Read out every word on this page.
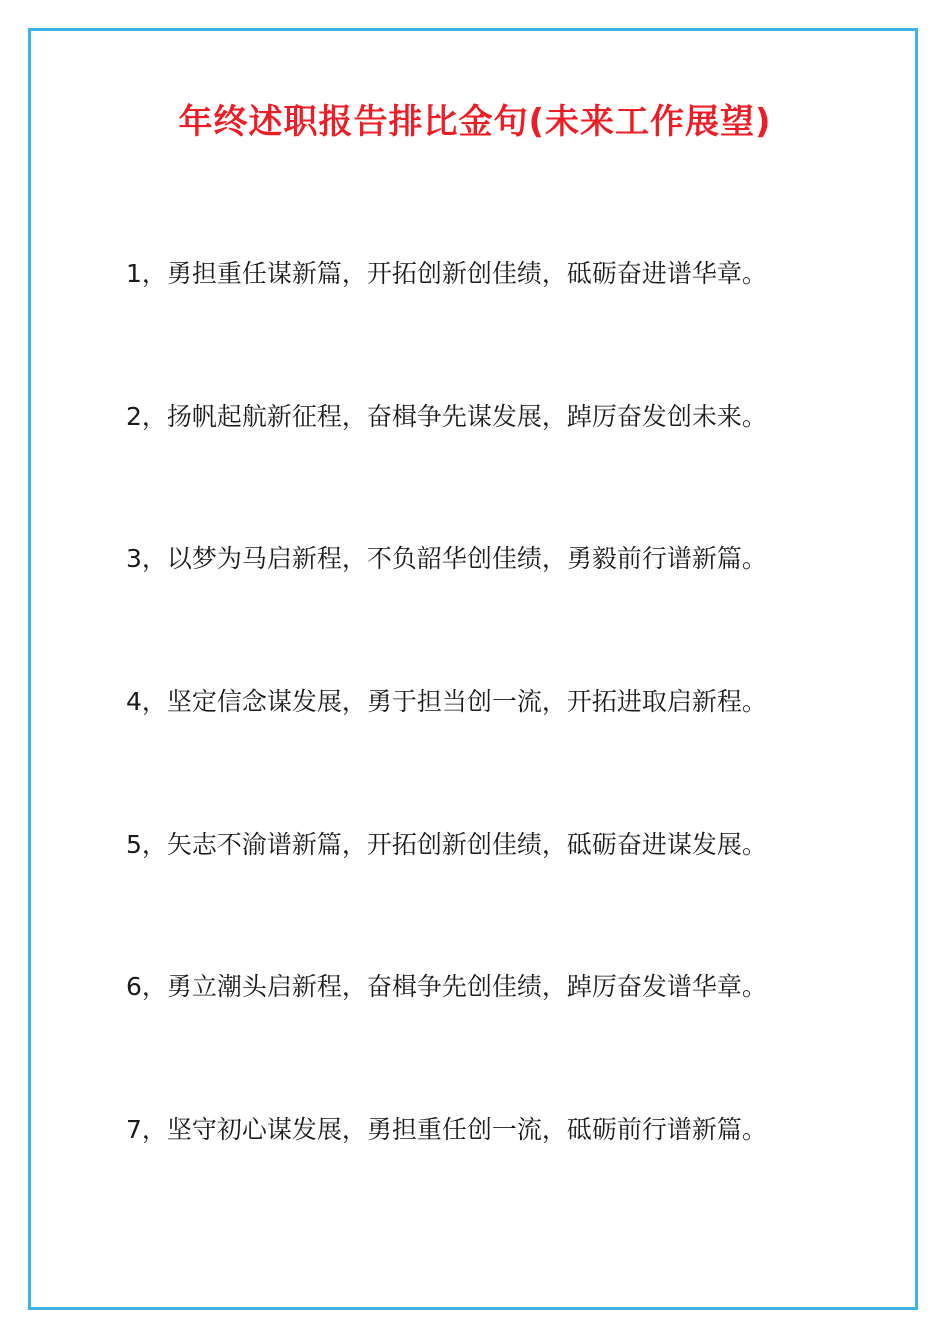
年终述职报告排比金句(未来工作展望)
1，勇担重任谋新篇，开拓创新创佳绩，砥砺奋进谱华章。
2，扬帆起航新征程，奋楫争先谋发展，踔厉奋发创未来。
3，以梦为马启新程，不负韶华创佳绩，勇毅前行谱新篇。
4，坚定信念谋发展，勇于担当创一流，开拓进取启新程。
5，矢志不渝谱新篇，开拓创新创佳绩，砥砺奋进谋发展。
6，勇立潮头启新程，奋楫争先创佳绩，踔厉奋发谱华章。
7，坚守初心谋发展，勇担重任创一流，砥砺前行谱新篇。
